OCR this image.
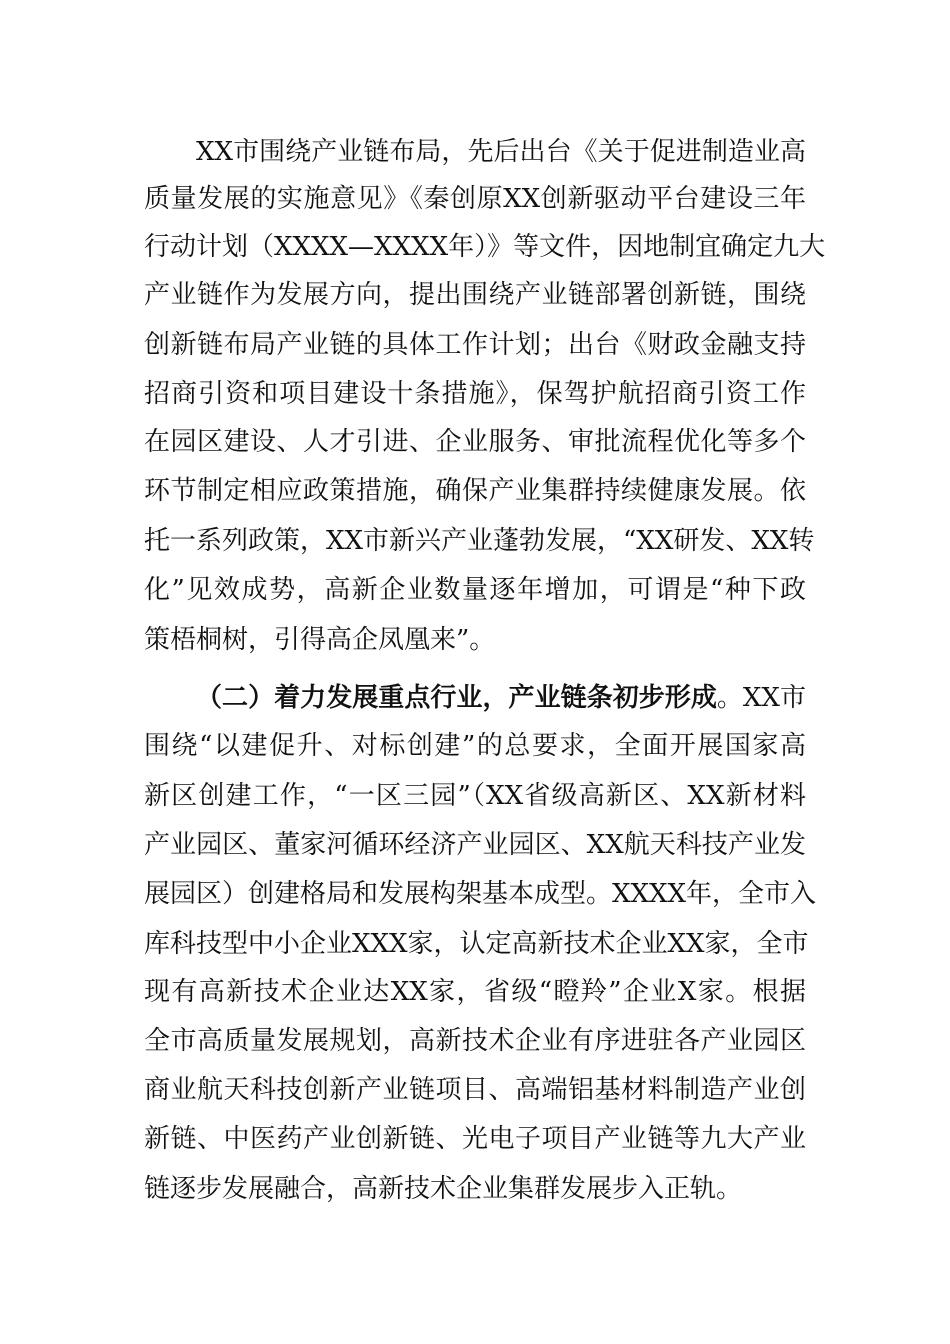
XX市围绕产业链布局，先后出台《关于促进制造业高
质量发展的实施意见》《秦创原XX创新驱动平台建设三年
行动计划（XXXX—XXXX年）》等文件，因地制宜确定九大
产业链作为发展方向，提出围绕产业链部署创新链，围绕
创新链布局产业链的具体工作计划；出台《财政金融支持
招商引资和项目建设十条措施》，保驾护航招商引资工作
在园区建设、人才引进、企业服务、审批流程优化等多个
环节制定相应政策措施，确保产业集群持续健康发展。依
托一系列政策，XX市新兴产业蓬勃发展，“XX研发、XX转
化”见效成势，高新企业数量逐年增加，可谓是“种下政
策梧桐树，引得高企凤凰来”。
（二）着力发展重点行业，产业链条初步形成。XX市
围绕“以建促升、对标创建”的总要求，全面开展国家高
新区创建工作，“一区三园”（XX省级高新区、XX新材料
产业园区、董家河循环经济产业园区、XX航天科技产业发
展园区）创建格局和发展构架基本成型。XXXX年，全市入
库科技型中小企业XXX家，认定高新技术企业XX家，全市
现有高新技术企业达XX家，省级“瞪羚”企业X家。根据
全市高质量发展规划，高新技术企业有序进驻各产业园区
商业航天科技创新产业链项目、高端铝基材料制造产业创
新链、中医药产业创新链、光电子项目产业链等九大产业
链逐步发展融合，高新技术企业集群发展步入正轨。
